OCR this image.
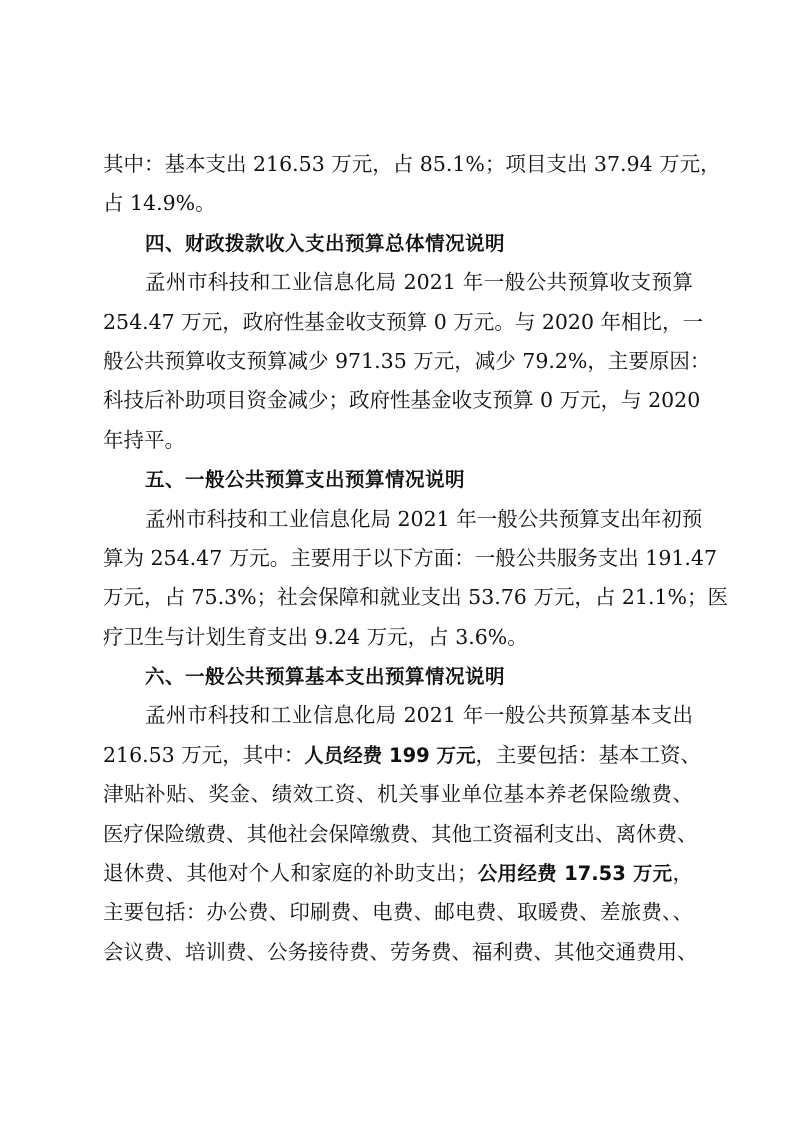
其中：基本支出 216.53 万元，占 85.1%；项目支出 37.94 万元，
占 14.9%。
四、财政拨款收入支出预算总体情况说明
孟州市科技和工业信息化局 2021 年一般公共预算收支预算
254.47 万元，政府性基金收支预算 0 万元。与 2020 年相比，一
般公共预算收支预算减少 971.35 万元，减少 79.2%，主要原因：
科技后补助项目资金减少；政府性基金收支预算 0 万元，与 2020
年持平。
五、一般公共预算支出预算情况说明
孟州市科技和工业信息化局 2021 年一般公共预算支出年初预
算为 254.47 万元。主要用于以下方面：一般公共服务支出 191.47
万元，占 75.3%；社会保障和就业支出 53.76 万元，占 21.1%；医
疗卫生与计划生育支出 9.24 万元，占 3.6%。
六、一般公共预算基本支出预算情况说明
孟州市科技和工业信息化局 2021 年一般公共预算基本支出
216.53 万元，其中：人员经费 199 万元，主要包括：基本工资、
津贴补贴、奖金、绩效工资、机关事业单位基本养老保险缴费、
医疗保险缴费、其他社会保障缴费、其他工资福利支出、离休费、
退休费、其他对个人和家庭的补助支出；公用经费 17.53 万元，
主要包括：办公费、印刷费、电费、邮电费、取暖费、差旅费、、
会议费、培训费、公务接待费、劳务费、福利费、其他交通费用、
